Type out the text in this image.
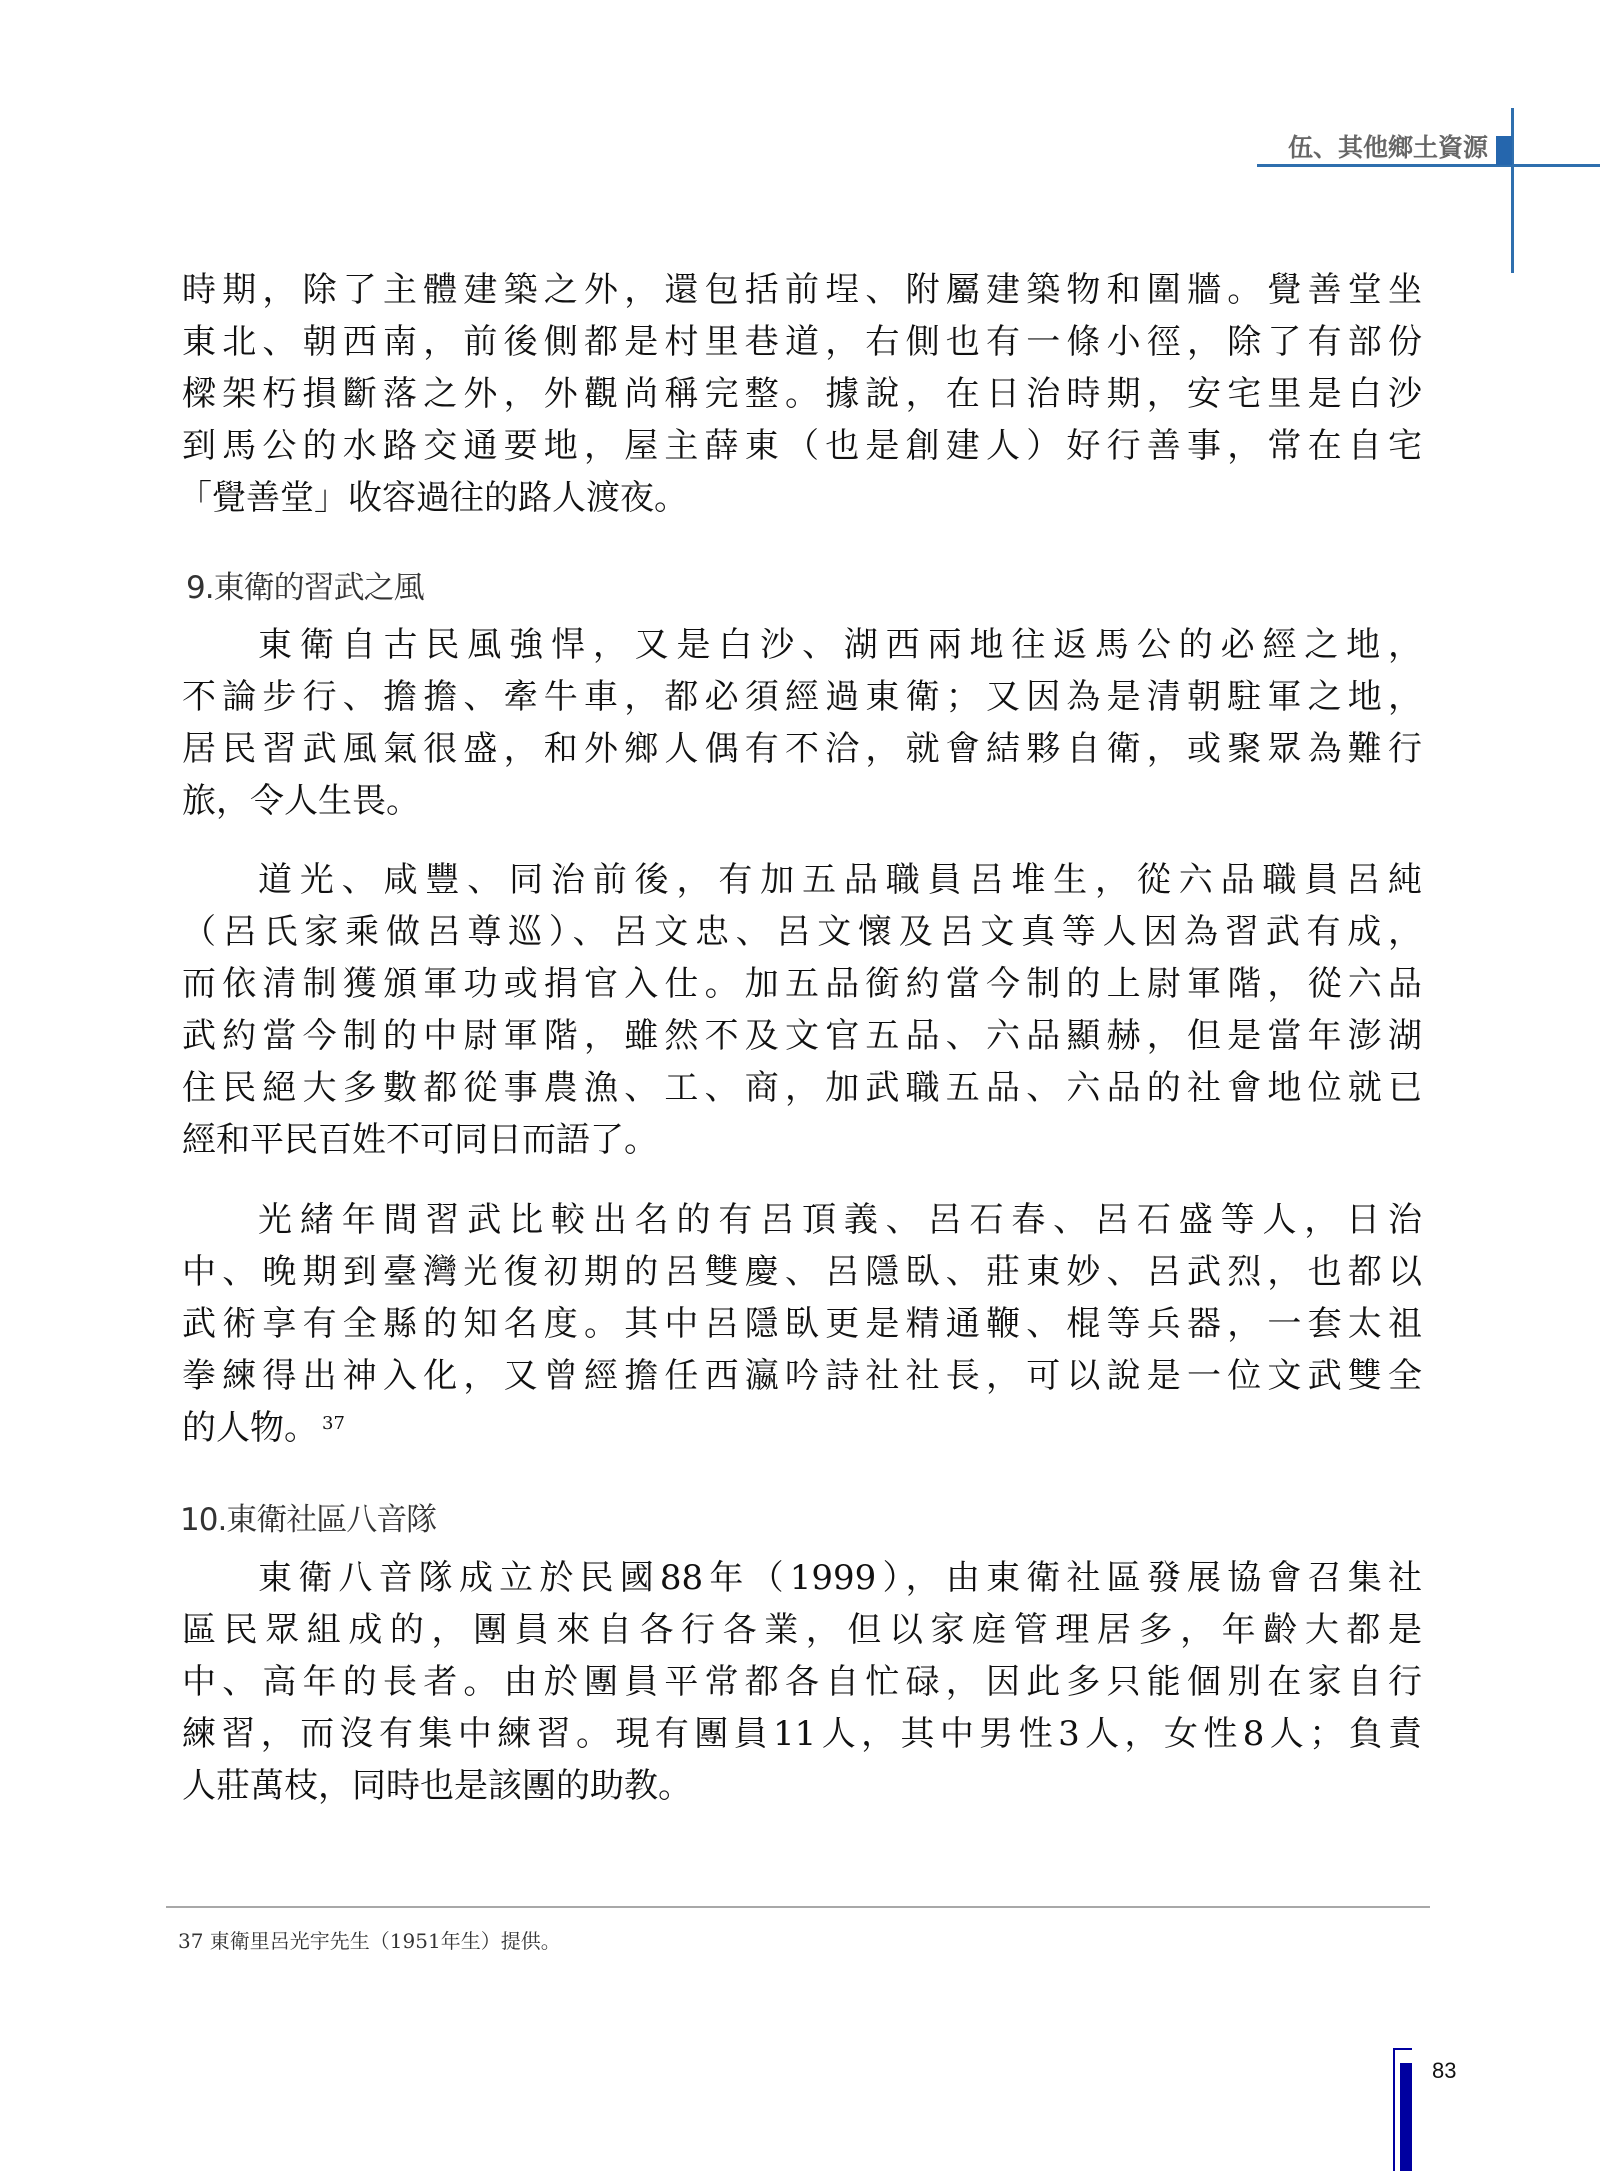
伍、其他鄉土資源
時期，除了主體建築之外，還包括前埕、附屬建築物和圍牆。覺善堂坐
東北、朝西南，前後側都是村里巷道，右側也有一條小徑，除了有部份
樑架朽損斷落之外，外觀尚稱完整。據說，在日治時期，安宅里是白沙
到馬公的水路交通要地，屋主薛東（也是創建人）好行善事，常在自宅
「覺善堂」收容過往的路人渡夜。
9.東衛的習武之風
東衛自古民風強悍，又是白沙、湖西兩地往返馬公的必經之地，
不論步行、擔擔、牽牛車，都必須經過東衛；又因為是清朝駐軍之地，
居民習武風氣很盛，和外鄉人偶有不洽，就會結夥自衛，或聚眾為難行
旅，令人生畏。
道光、咸豐、同治前後，有加五品職員呂堆生，從六品職員呂純
（呂氏家乘做呂尊巡）、呂文忠、呂文懷及呂文真等人因為習武有成，
而依清制獲頒軍功或捐官入仕。加五品銜約當今制的上尉軍階，從六品
武約當今制的中尉軍階，雖然不及文官五品、六品顯赫，但是當年澎湖
住民絕大多數都從事農漁、工、商，加武職五品、六品的社會地位就已
經和平民百姓不可同日而語了。
光緒年間習武比較出名的有呂頂義、呂石春、呂石盛等人，日治
中、晚期到臺灣光復初期的呂雙慶、呂隱臥、莊東妙、呂武烈，也都以
武術享有全縣的知名度。其中呂隱臥更是精通鞭、棍等兵器，一套太祖
拳練得出神入化，又曾經擔任西瀛吟詩社社長，可以說是一位文武雙全
的人物。 $^{37}$
10.東衛社區八音隊
東衛八音隊成立於民國88年（1999），由東衛社區發展協會召集社
區民眾組成的，團員來自各行各業，但以家庭管理居多，年齡大都是
中、高年的長者。由於團員平常都各自忙碌，因此多只能個別在家自行
練習，而沒有集中練習。現有團員11人，其中男性3人，女性8人；負責
人莊萬枝，同時也是該團的助教。
37 東衛里呂光宇先生（1951年生）提供。
83
